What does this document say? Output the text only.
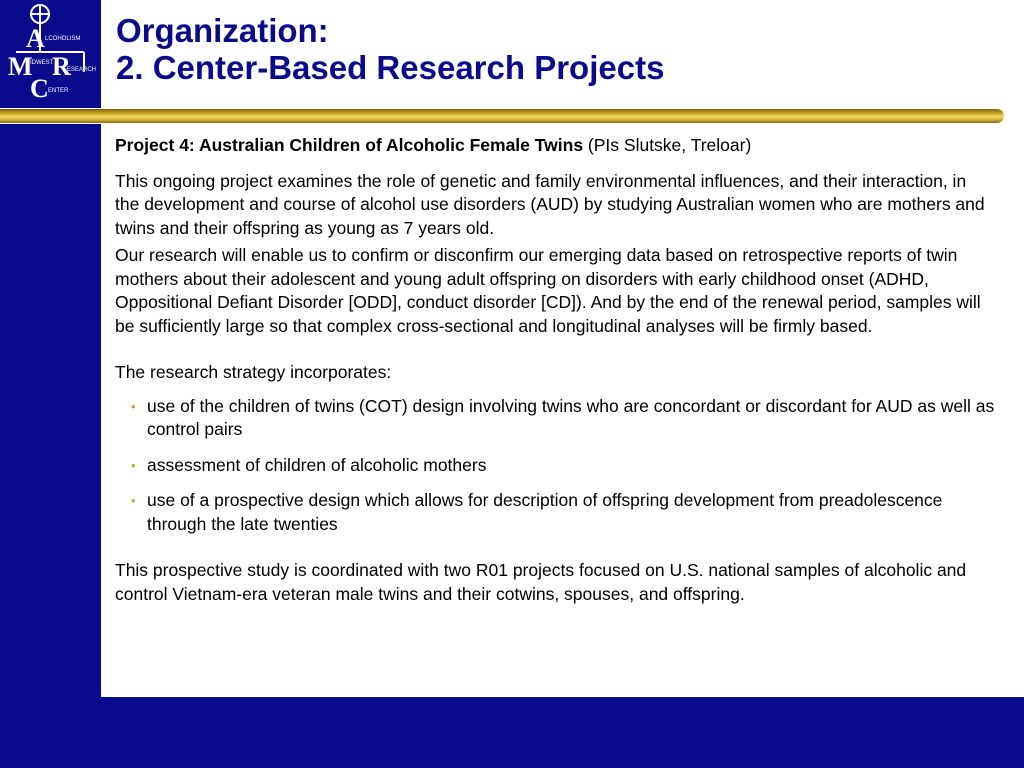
A
M R
C
LCOHOLISM
IDWEST
ESEARCH
ENTER
Organization:
2. Center-Based Research Projects

Project 4: Australian Children of Alcoholic Female Twins (PIs Slutske, Treloar)

This ongoing project examines the role of genetic and family environmental influences, and their interaction, in the development and course of alcohol use disorders (AUD) by studying Australian women who are mothers and twins and their offspring as young as 7 years old.

Our research will enable us to confirm or disconfirm our emerging data based on retrospective reports of twin mothers about their adolescent and young adult offspring on disorders with early childhood onset (ADHD, Oppositional Defiant Disorder [ODD], conduct disorder [CD]). And by the end of the renewal period, samples will be sufficiently large so that complex cross-sectional and longitudinal analyses will be firmly based.

The research strategy incorporates:

• use of the children of twins (COT) design involving twins who are concordant or discordant for AUD as well as control pairs
• assessment of children of alcoholic mothers
• use of a prospective design which allows for description of offspring development from preadolescence through the late twenties

This prospective study is coordinated with two R01 projects focused on U.S. national samples of alcoholic and control Vietnam-era veteran male twins and their cotwins, spouses, and offspring.
